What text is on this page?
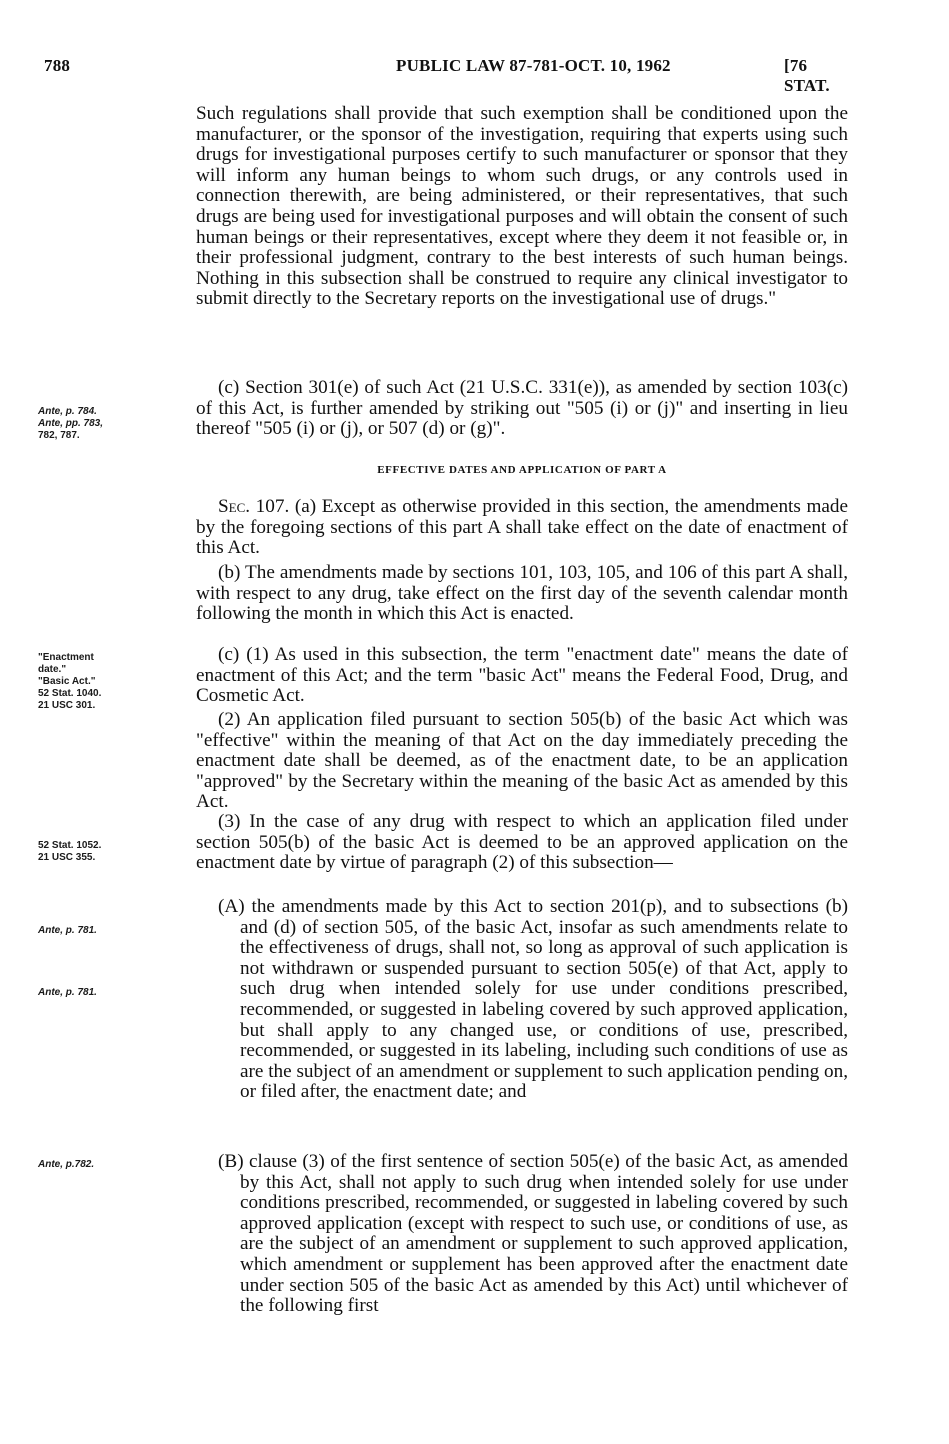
788	PUBLIC LAW 87-781-OCT. 10, 1962	[76 STAT.

Such regulations shall provide that such exemption shall be conditioned upon the manufacturer, or the sponsor of the investigation, requiring that experts using such drugs for investigational purposes certify to such manufacturer or sponsor that they will inform any human beings to whom such drugs, or any controls used in connection therewith, are being administered, or their representatives, that such drugs are being used for investigational purposes and will obtain the consent of such human beings or their representatives, except where they deem it not feasible or, in their professional judgment, contrary to the best interests of such human beings. Nothing in this subsection shall be construed to require any clinical investigator to submit directly to the Secretary reports on the investigational use of drugs."

(c) Section 301(e) of such Act (21 U.S.C. 331(e)), as amended by section 103(c) of this Act, is further amended by striking out "505 (i) or (j)" and inserting in lieu thereof "505 (i) or (j), or 507 (d) or (g)".

Ante, p. 784.
Ante, pp. 783,
782, 787.
EFFECTIVE DATES AND APPLICATION OF PART A

Sec. 107. (a) Except as otherwise provided in this section, the amendments made by the foregoing sections of this part A shall take effect on the date of enactment of this Act.

(b) The amendments made by sections 101, 103, 105, and 106 of this part A shall, with respect to any drug, take effect on the first day of the seventh calendar month following the month in which this Act is enacted.

(c) (1) As used in this subsection, the term "enactment date" means the date of enactment of this Act; and the term "basic Act" means the Federal Food, Drug, and Cosmetic Act.

"Enactment
date."
"Basic Act."
52 Stat. 1040.
21 USC 301.

(2) An application filed pursuant to section 505(b) of the basic Act which was "effective" within the meaning of that Act on the day immediately preceding the enactment date shall be deemed, as of the enactment date, to be an application "approved" by the Secretary within the meaning of the basic Act as amended by this Act.

(3) In the case of any drug with respect to which an application filed under section 505(b) of the basic Act is deemed to be an approved application on the enactment date by virtue of paragraph (2) of this subsection—

52 Stat. 1052.
21 USC 355.

(A) the amendments made by this Act to section 201(p), and to subsections (b) and (d) of section 505, of the basic Act, insofar as such amendments relate to the effectiveness of drugs, shall not, so long as approval of such application is not withdrawn or suspended pursuant to section 505(e) of that Act, apply to such drug when intended solely for use under conditions prescribed, recommended, or suggested in labeling covered by such approved application, but shall apply to any changed use, or conditions of use, prescribed, recommended, or suggested in its labeling, including such conditions of use as are the subject of an amendment or supplement to such application pending on, or filed after, the enactment date; and

Ante, p. 781.
Ante, p. 781.

(B) clause (3) of the first sentence of section 505(e) of the basic Act, as amended by this Act, shall not apply to such drug when intended solely for use under conditions prescribed, recommended, or suggested in labeling covered by such approved application (except with respect to such use, or conditions of use, as are the subject of an amendment or supplement to such approved application, which amendment or supplement has been approved after the enactment date under section 505 of the basic Act as amended by this Act) until whichever of the following first

Ante, p.782.
